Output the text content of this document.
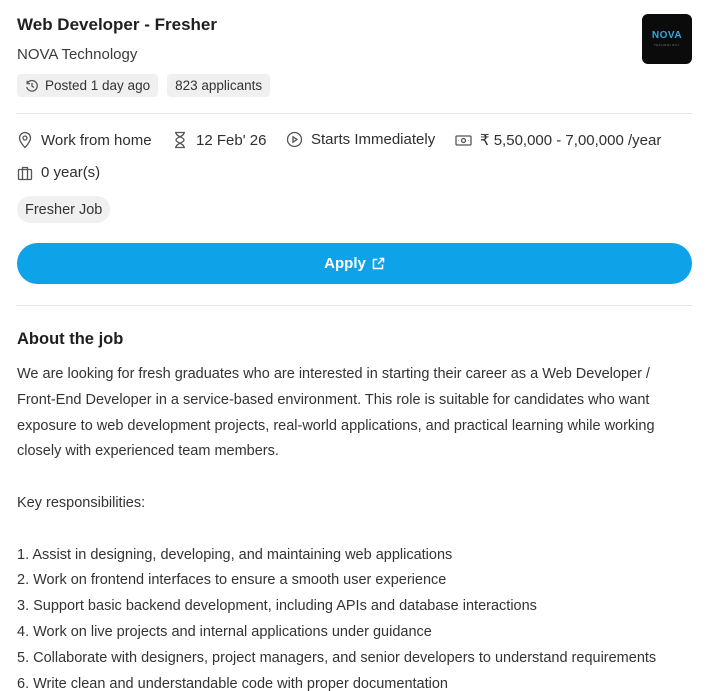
Web Developer - Fresher
NOVA Technology
NOVA
TECHNOLOGY
Posted 1 day ago 823 applicants
Work from home	12 Feb' 26	Starts Immediately	₹ 5,50,000 - 7,00,000 /year
0 year(s)
Fresher Job
Apply
About the job
We are looking for fresh graduates who are interested in starting their career as a Web Developer /
Front-End Developer in a service-based environment. This role is suitable for candidates who want
exposure to web development projects, real-world applications, and practical learning while working
closely with experienced team members.
Key responsibilities:
1. Assist in designing, developing, and maintaining web applications
2. Work on frontend interfaces to ensure a smooth user experience
3. Support basic backend development, including APIs and database interactions
4. Work on live projects and internal applications under guidance
5. Collaborate with designers, project managers, and senior developers to understand requirements
6. Write clean and understandable code with proper documentation
